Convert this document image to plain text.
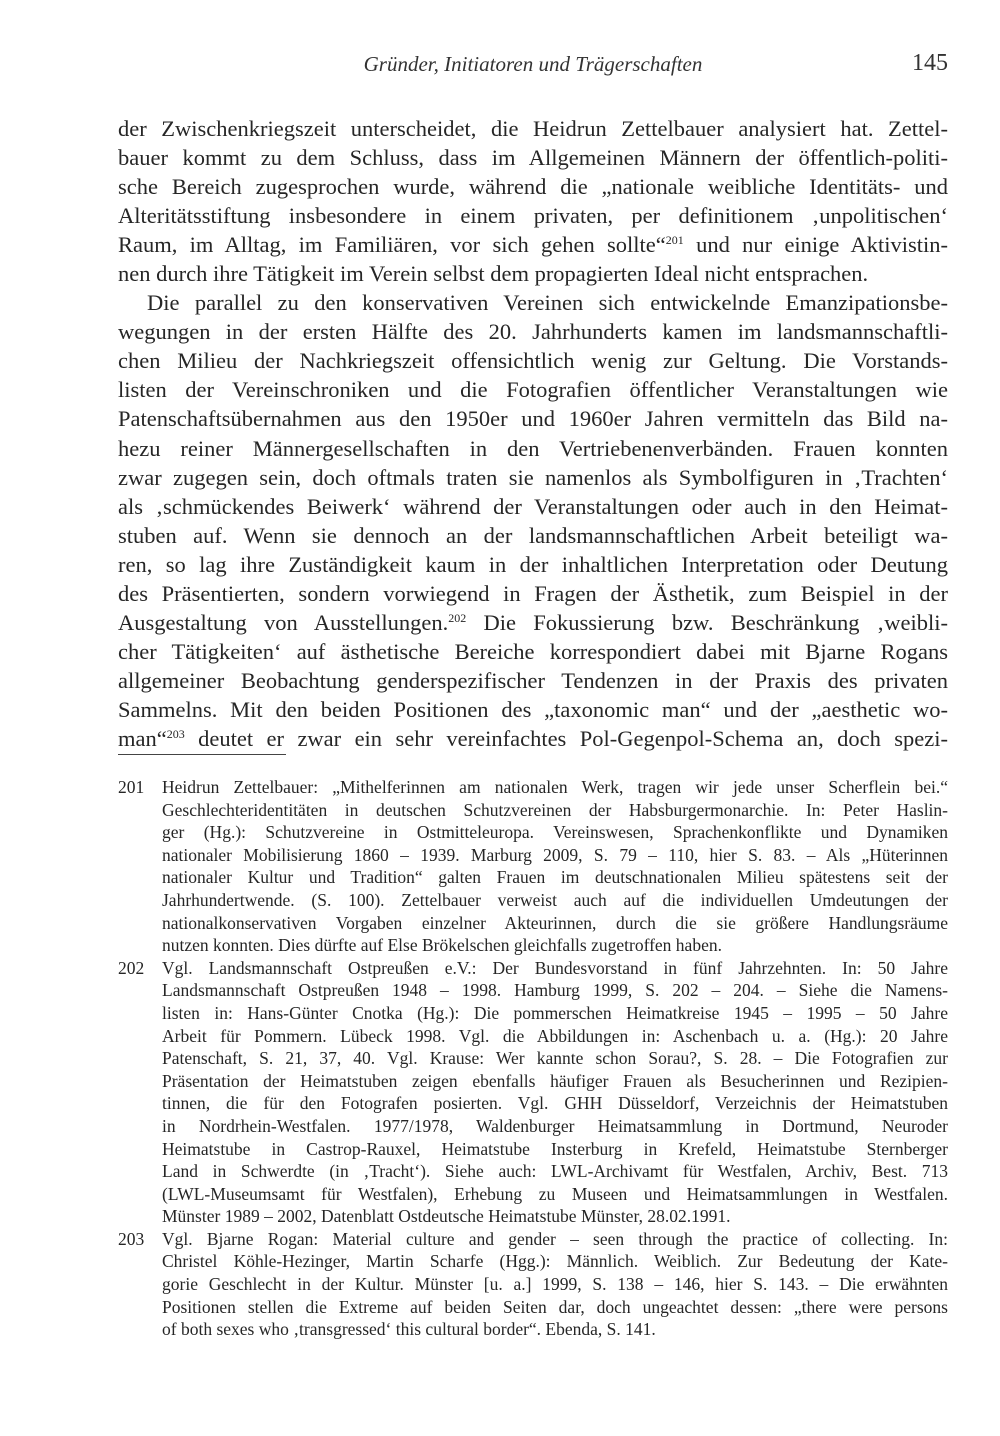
Gründer, Initiatoren und Trägerschaften	145
der Zwischenkriegszeit unterscheidet, die Heidrun Zettelbauer analysiert hat. Zettel-
bauer kommt zu dem Schluss, dass im Allgemeinen Männern der öffentlich-politi-
sche Bereich zugesprochen wurde, während die „nationale weibliche Identitäts- und
Alteritätsstiftung insbesondere in einem privaten, per definitionem ‚unpolitischen‘
Raum, im Alltag, im Familiären, vor sich gehen sollte“$^{201}$ und nur einige Aktivistin-
nen durch ihre Tätigkeit im Verein selbst dem propagierten Ideal nicht entsprachen.
Die parallel zu den konservativen Vereinen sich entwickelnde Emanzipationsbe-
wegungen in der ersten Hälfte des 20. Jahrhunderts kamen im landsmannschaftli-
chen Milieu der Nachkriegszeit offensichtlich wenig zur Geltung. Die Vorstands-
listen der Vereinschroniken und die Fotografien öffentlicher Veranstaltungen wie
Patenschaftsübernahmen aus den 1950er und 1960er Jahren vermitteln das Bild na-
hezu reiner Männergesellschaften in den Vertriebenenverbänden. Frauen konnten
zwar zugegen sein, doch oftmals traten sie namenlos als Symbolfiguren in ‚Trachten‘
als ‚schmückendes Beiwerk‘ während der Veranstaltungen oder auch in den Heimat-
stuben auf. Wenn sie dennoch an der landsmannschaftlichen Arbeit beteiligt wa-
ren, so lag ihre Zuständigkeit kaum in der inhaltlichen Interpretation oder Deutung
des Präsentierten, sondern vorwiegend in Fragen der Ästhetik, zum Beispiel in der
Ausgestaltung von Ausstellungen.$^{202}$ Die Fokussierung bzw. Beschränkung ‚weibli-
cher Tätigkeiten‘ auf ästhetische Bereiche korrespondiert dabei mit Bjarne Rogans
allgemeiner Beobachtung genderspezifischer Tendenzen in der Praxis des privaten
Sammelns. Mit den beiden Positionen des „taxonomic man“ und der „aesthetic wo-
man“$^{203}$ deutet er zwar ein sehr vereinfachtes Pol-Gegenpol-Schema an, doch spezi-
201	Heidrun Zettelbauer: „Mithelferinnen am nationalen Werk, tragen wir jede unser Scherflein bei.“
Geschlechteridentitäten in deutschen Schutzvereinen der Habsburgermonarchie. In: Peter Haslin-
ger (Hg.): Schutzvereine in Ostmitteleuropa. Vereinswesen, Sprachenkonflikte und Dynamiken
nationaler Mobilisierung 1860 – 1939. Marburg 2009, S. 79 – 110, hier S. 83. – Als „Hüterinnen
nationaler Kultur und Tradition“ galten Frauen im deutschnationalen Milieu spätestens seit der
Jahrhundertwende. (S. 100). Zettelbauer verweist auch auf die individuellen Umdeutungen der
nationalkonservativen Vorgaben einzelner Akteurinnen, durch die sie größere Handlungsräume
nutzen konnten. Dies dürfte auf Else Brökelschen gleichfalls zugetroffen haben.
202	Vgl. Landsmannschaft Ostpreußen e.V.: Der Bundesvorstand in fünf Jahrzehnten. In: 50 Jahre
Landsmannschaft Ostpreußen 1948 – 1998. Hamburg 1999, S. 202 – 204. – Siehe die Namens-
listen in: Hans-Günter Cnotka (Hg.): Die pommerschen Heimatkreise 1945 – 1995 – 50 Jahre
Arbeit für Pommern. Lübeck 1998. Vgl. die Abbildungen in: Aschenbach u. a. (Hg.): 20 Jahre
Patenschaft, S. 21, 37, 40. Vgl. Krause: Wer kannte schon Sorau?, S. 28. – Die Fotografien zur
Präsentation der Heimatstuben zeigen ebenfalls häufiger Frauen als Besucherinnen und Rezipien-
tinnen, die für den Fotografen posierten. Vgl. GHH Düsseldorf, Verzeichnis der Heimatstuben
in Nordrhein-Westfalen. 1977/1978, Waldenburger Heimatsammlung in Dortmund, Neuroder
Heimatstube in Castrop-Rauxel, Heimatstube Insterburg in Krefeld, Heimatstube Sternberger
Land in Schwerdte (in ‚Tracht‘). Siehe auch: LWL-Archivamt für Westfalen, Archiv, Best. 713
(LWL-Museumsamt für Westfalen), Erhebung zu Museen und Heimatsammlungen in Westfalen.
Münster 1989 – 2002, Datenblatt Ostdeutsche Heimatstube Münster, 28.02.1991.
203	Vgl. Bjarne Rogan: Material culture and gender – seen through the practice of collecting. In:
Christel Köhle-Hezinger, Martin Scharfe (Hgg.): Männlich. Weiblich. Zur Bedeutung der Kate-
gorie Geschlecht in der Kultur. Münster [u. a.] 1999, S. 138 – 146, hier S. 143. – Die erwähnten
Positionen stellen die Extreme auf beiden Seiten dar, doch ungeachtet dessen: „there were persons
of both sexes who ‚transgressed‘ this cultural border“. Ebenda, S. 141.
